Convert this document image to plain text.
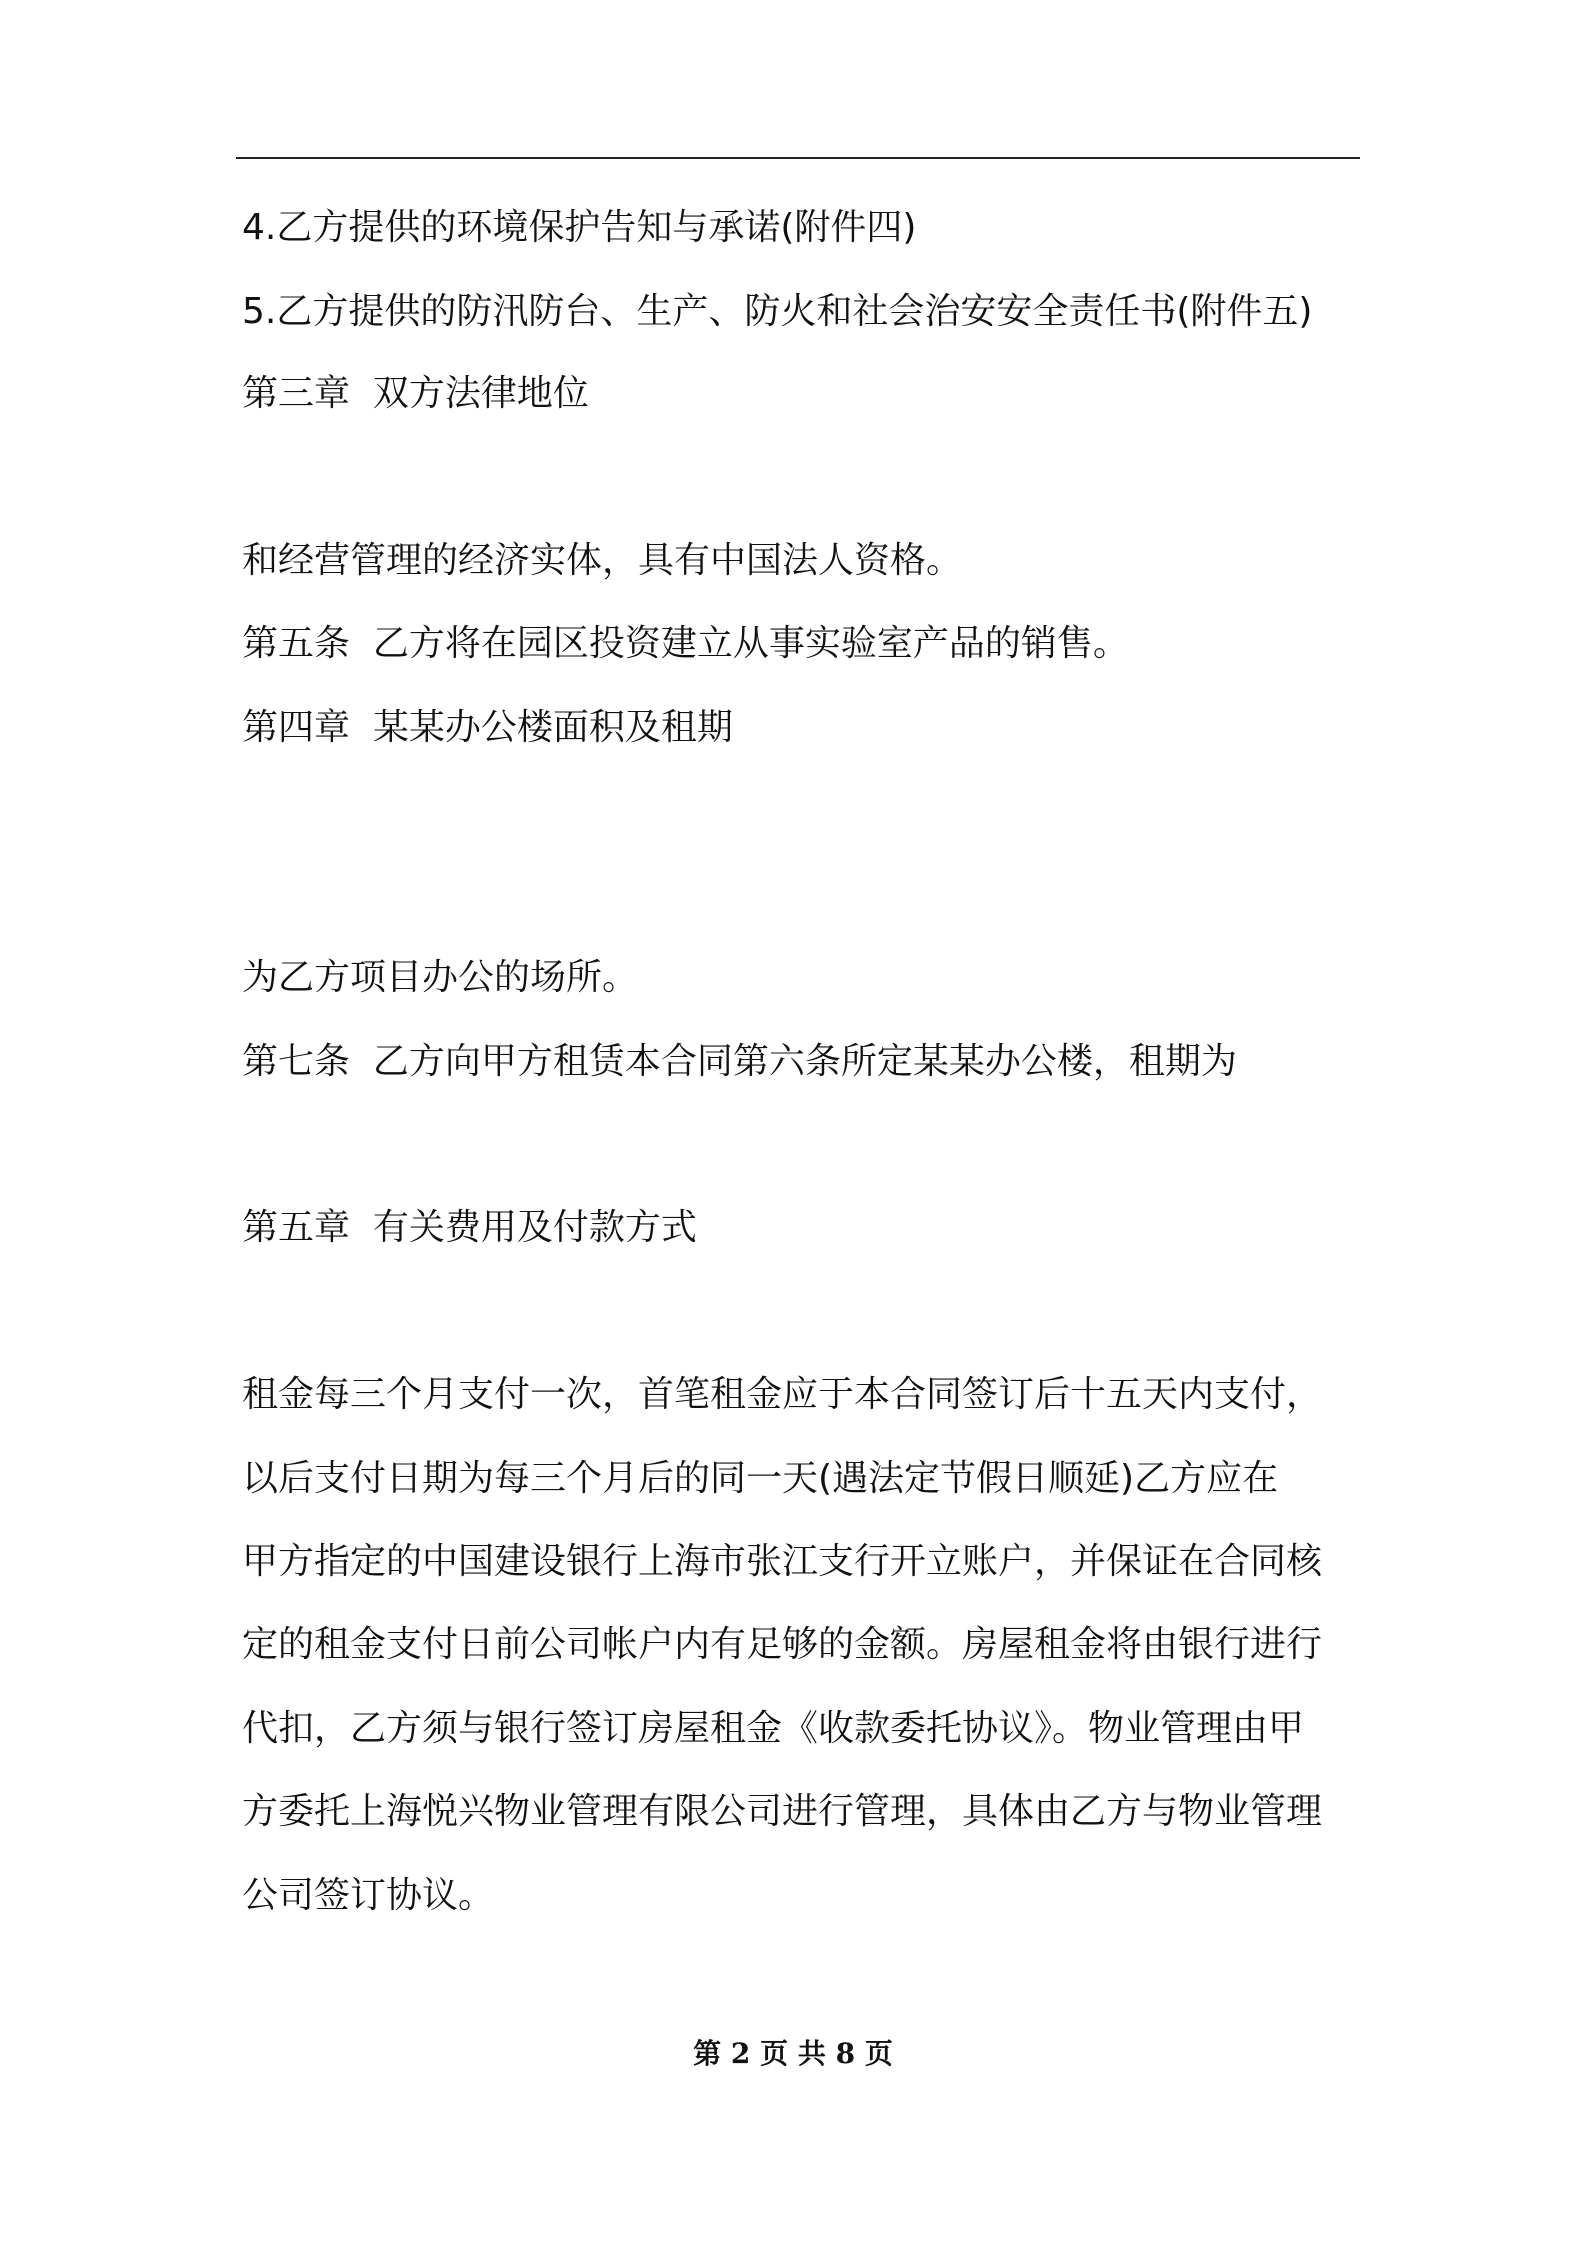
4.乙方提供的环境保护告知与承诺(附件四)
5.乙方提供的防汛防台、生产、防火和社会治安安全责任书(附件五)
第三章  双方法律地位

和经营管理的经济实体，具有中国法人资格。
第五条  乙方将在园区投资建立从事实验室产品的销售。
第四章  某某办公楼面积及租期

为乙方项目办公的场所。
第七条  乙方向甲方租赁本合同第六条所定某某办公楼，租期为

第五章  有关费用及付款方式

租金每三个月支付一次，首笔租金应于本合同签订后十五天内支付，
以后支付日期为每三个月后的同一天(遇法定节假日顺延)乙方应在
甲方指定的中国建设银行上海市张江支行开立账户，并保证在合同核
定的租金支付日前公司帐户内有足够的金额。房屋租金将由银行进行
代扣，乙方须与银行签订房屋租金《收款委托协议》。物业管理由甲
方委托上海悦兴物业管理有限公司进行管理，具体由乙方与物业管理
公司签订协议。

第 2 页 共 8 页
